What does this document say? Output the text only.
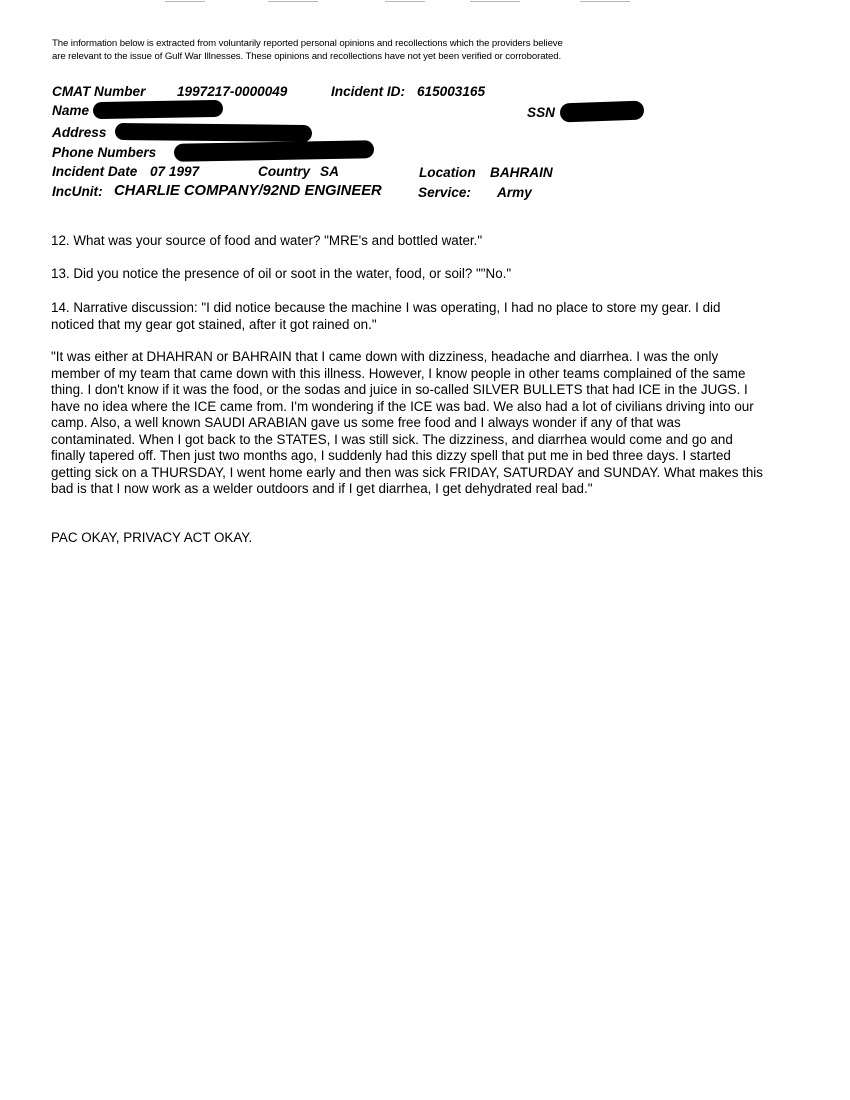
The information below is extracted from voluntarily reported personal opinions and recollections which the providers believe are relevant to the issue of Gulf War Illnesses. These opinions and recollections have not yet been verified or corroborated.
CMAT Number 1997217-0000049	Incident ID: 615003165
Name	SSN
Address
Phone Numbers
Incident Date 07 1997	Country SA	Location BAHRAIN
IncUnit: CHARLIE COMPANY/92ND ENGINEER	Service: Army

12. What was your source of food and water? "MRE's and bottled water."

13. Did you notice the presence of oil or soot in the water, food, or soil? ""No."

14. Narrative discussion: "I did notice because the machine I was operating, I had no place to store my gear. I did noticed that my gear got stained, after it got rained on."

"It was either at DHAHRAN or BAHRAIN that I came down with dizziness, headache and diarrhea. I was the only member of my team that came down with this illness. However, I know people in other teams complained of the same thing. I don't know if it was the food, or the sodas and juice in so-called SILVER BULLETS that had ICE in the JUGS. I have no idea where the ICE came from. I'm wondering if the ICE was bad. We also had a lot of civilians driving into our camp. Also, a well known SAUDI ARABIAN gave us some free food and I always wonder if any of that was contaminated. When I got back to the STATES, I was still sick. The dizziness, and diarrhea would come and go and finally tapered off. Then just two months ago, I suddenly had this dizzy spell that put me in bed three days. I started getting sick on a THURSDAY, I went home early and then was sick FRIDAY, SATURDAY and SUNDAY. What makes this bad is that I now work as a welder outdoors and if I get diarrhea, I get dehydrated real bad."

PAC OKAY, PRIVACY ACT OKAY.
